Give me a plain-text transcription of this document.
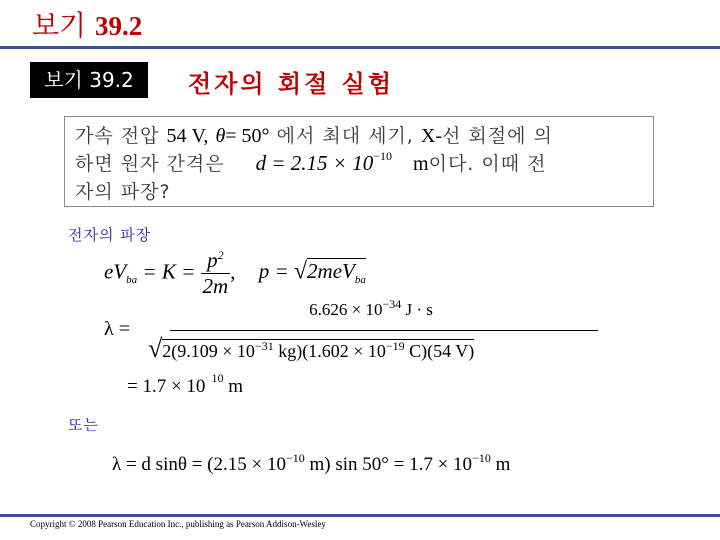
보기 39.2
보기 39.2	전자의 회절 실험
가속 전압 54 V, θ= 50° 에서 최대 세기, X-선 회절에 의
하면 원자 간격은 $d = 2.15 \times 10^{-10}$ m이다. 이때 전
자의 파장?
전자의 파장
$eV_{ba} = K = \frac{p^2}{2m}$ , p = √2meV$_{ba}$
λ =
$6.626 \times 10^{-34}$ J · s
$√2(9.109 \times 10^{-31}$ $kg)(1.602 \times 10^{-19}$ C)(54 V)
= 1.7 × 10 $^{10}$ m
또는
λ = d $\sin\theta = (2.15 \times 10^{-10}$ m) $\sin 50^\circ = 1.7 \times 10^{-10}$ m
Copyright © 2008 Pearson Education Inc., publishing as Pearson Addison-Wesley
